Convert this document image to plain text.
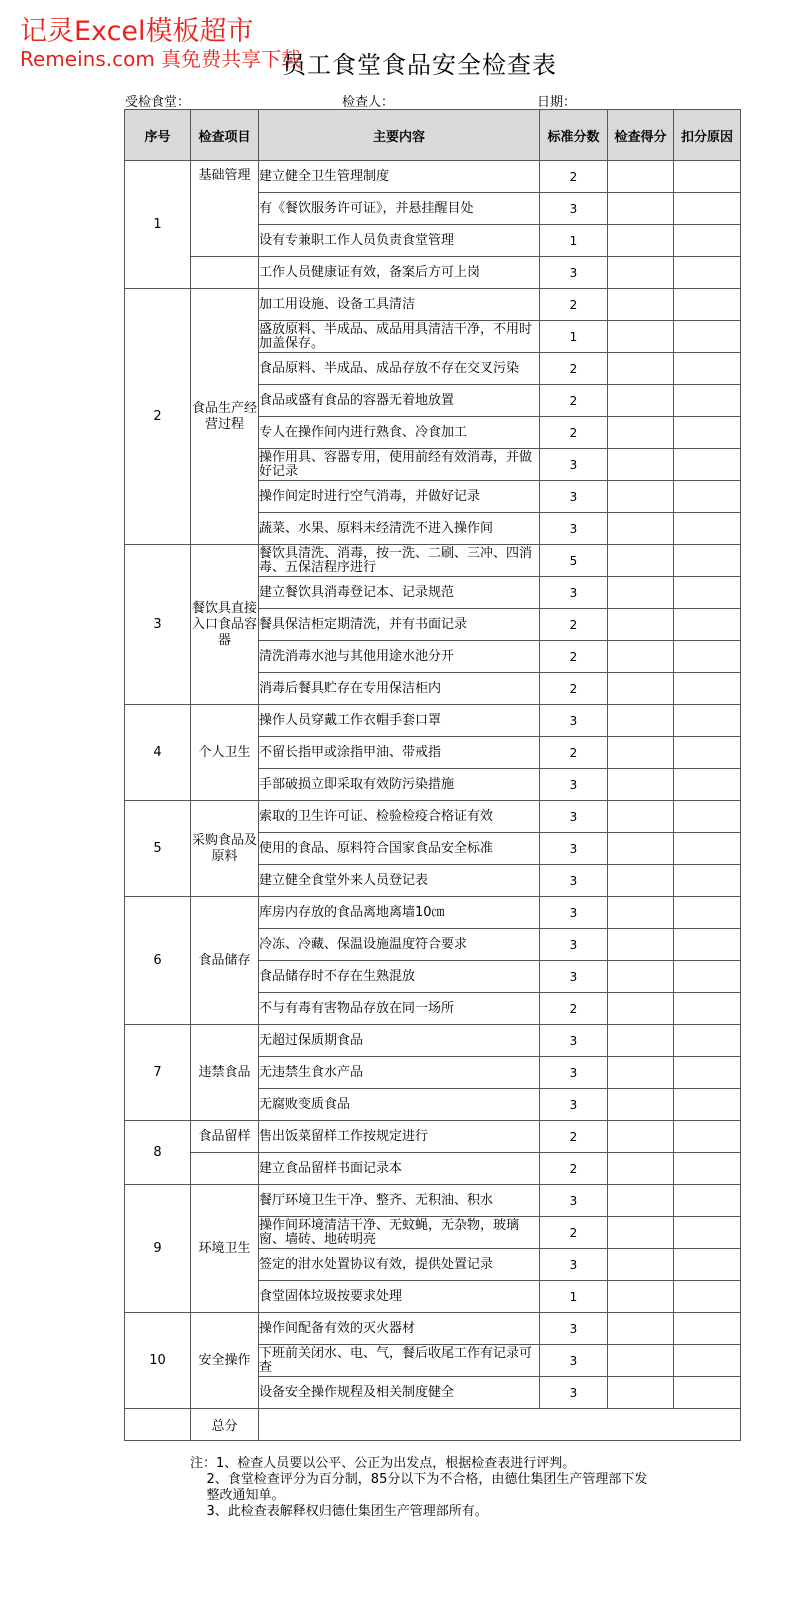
记灵Excel模板超市
Remeins.com 真免费共享下载
员工食堂食品安全检查表
受检食堂：	检查人：	日期：
序号	检查项目	主要内容	标准分数	检查得分	扣分原因
1	基础管理	建立健全卫生管理制度	2		
		有《餐饮服务许可证》，并悬挂醒目处	3		
		设有专兼职工作人员负责食堂管理	1		
		工作人员健康证有效，备案后方可上岗	3		
2	食品生产经营过程	加工用设施、设备工具清洁	2		
		盛放原料、半成品、成品用具清洁干净，不用时加盖保存。	1		
		食品原料、半成品、成品存放不存在交叉污染	2		
		食品或盛有食品的容器无着地放置	2		
		专人在操作间内进行熟食、冷食加工	2		
		操作用具、容器专用，使用前经有效消毒，并做好记录	3		
		操作间定时进行空气消毒，并做好记录	3		
		蔬菜、水果、原料未经清洗不进入操作间	3		
3	餐饮具直接入口食品容器	餐饮具清洗、消毒，按一洗、二刷、三冲、四消毒、五保洁程序进行	5		
		建立餐饮具消毒登记本、记录规范	3		
		餐具保洁柜定期清洗，并有书面记录	2		
		清洗消毒水池与其他用途水池分开	2		
		消毒后餐具贮存在专用保洁柜内	2		
4	个人卫生	操作人员穿戴工作衣帽手套口罩	3		
		不留长指甲或涂指甲油、带戒指	2		
		手部破损立即采取有效防污染措施	3		
5	采购食品及原料	索取的卫生许可证、检验检疫合格证有效	3		
		使用的食品、原料符合国家食品安全标准	3		
		建立健全食堂外来人员登记表	3		
6	食品储存	库房内存放的食品离地离墙10㎝	3		
		冷冻、冷藏、保温设施温度符合要求	3		
		食品储存时不存在生熟混放	3		
		不与有毒有害物品存放在同一场所	2		
7	违禁食品	无超过保质期食品	3		
		无违禁生食水产品	3		
		无腐败变质食品	3		
8	食品留样	售出饭菜留样工作按规定进行	2		
		建立食品留样书面记录本	2		
9	环境卫生	餐厅环境卫生干净、整齐、无积油、积水	3		
		操作间环境清洁干净、无蚊蝇，无杂物，玻璃窗、墙砖、地砖明亮	2		
		签定的泔水处置协议有效，提供处置记录	3		
		食堂固体垃圾按要求处理	1		
10	安全操作	操作间配备有效的灭火器材	3		
		下班前关闭水、电、气，餐后收尾工作有记录可查	3		
		设备安全操作规程及相关制度健全	3		
	总分				
注：1、检查人员要以公平、公正为出发点，根据检查表进行评判。
2、食堂检查评分为百分制，85分以下为不合格，由德仕集团生产管理部下发
整改通知单。
3、此检查表解释权归德仕集团生产管理部所有。
